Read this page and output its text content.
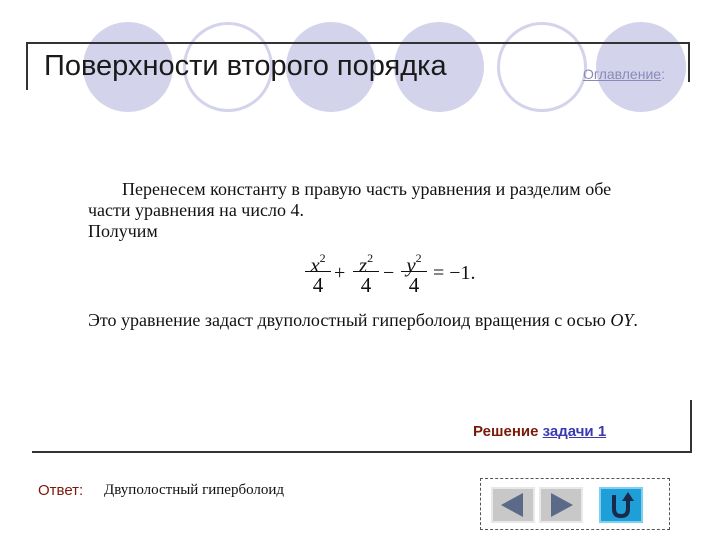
Поверхности второго порядка	Оглавление:
Перенесем константу в правую часть уравнения и разделим обе
части уравнения на число 4.
Получим
$x^2$
$4 + z^2$
$4 - y^2$
4 = −1.
Это уравнение задаст двуполостный гиперболоид вращения с осью OY.
Решение задачи 1
Ответ: Двуполостный гиперболоид
